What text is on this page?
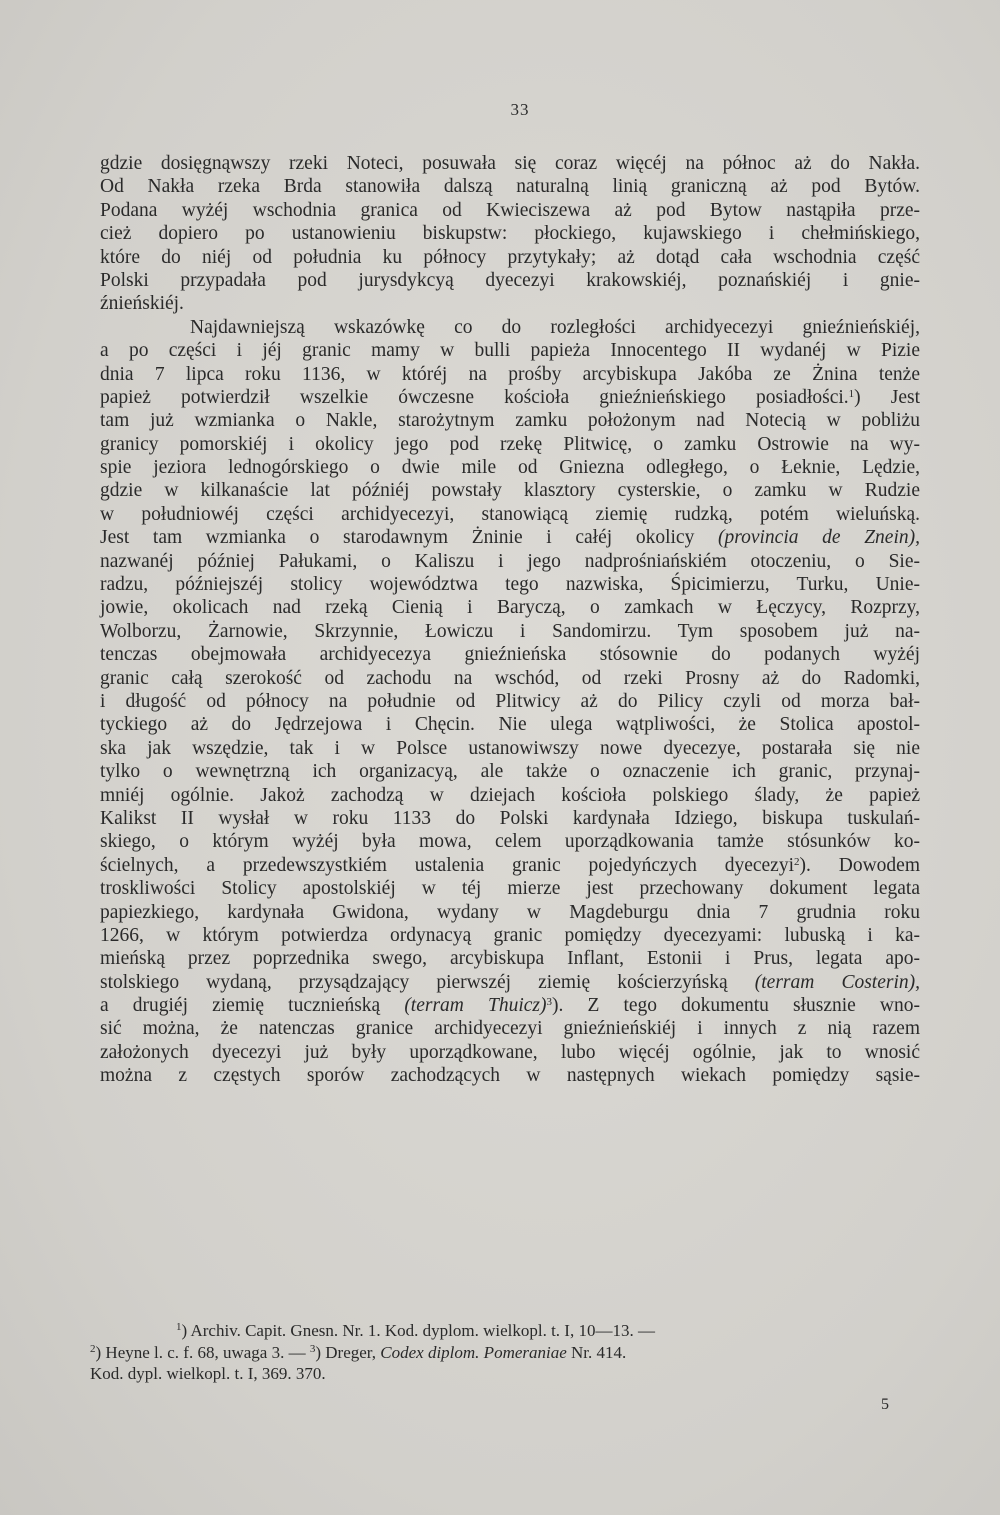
33
gdzie dosięgnąwszy rzeki Noteci, posuwała się coraz więcéj na północ aż do Nakła.
Od Nakła rzeka Brda stanowiła dalszą naturalną linią graniczną aż pod Bytów.
Podana wyżéj wschodnia granica od Kwieciszewa aż pod Bytow nastąpiła prze-
cież dopiero po ustanowieniu biskupstw: płockiego, kujawskiego i chełmińskiego,
które do niéj od południa ku północy przytykały; aż dotąd cała wschodnia część
Polski przypadała pod jurysdykcyą dyecezyi krakowskiéj, poznańskiéj i gnie-
źnieńskiéj.
Najdawniejszą wskazówkę co do rozległości archidyecezyi gnieźnieńskiéj,
a po części i jéj granic mamy w bulli papieża Innocentego II wydanéj w Pizie
dnia 7 lipca roku 1136, w któréj na prośby arcybiskupa Jakóba ze Żnina tenże
papież potwierdził wszelkie ówczesne kościoła gnieźnieńskiego posiadłości.$^1$) Jest
tam już wzmianka o Nakle, starożytnym zamku położonym nad Notecią w pobliżu
granicy pomorskiéj i okolicy jego pod rzekę Plitwicę, o zamku Ostrowie na wy-
spie jeziora lednogórskiego o dwie mile od Gniezna odległego, o Łeknie, Lędzie,
gdzie w kilkanaście lat późniéj powstały klasztory cysterskie, o zamku w Rudzie
w południowéj części archidyecezyi, stanowiącą ziemię rudzką, potém wieluńską.
Jest tam wzmianka o starodawnym Żninie i całéj okolicy (provincia de Znein),
nazwanéj później Pałukami, o Kaliszu i jego nadprośniańskiém otoczeniu, o Sie-
radzu, późniejszéj stolicy województwa tego nazwiska, Śpicimierzu, Turku, Unie-
jowie, okolicach nad rzeką Cienią i Baryczą, o zamkach w Łęczycy, Rozprzy,
Wolborzu, Żarnowie, Skrzynnie, Łowiczu i Sandomirzu. Tym sposobem już na-
tenczas obejmowała archidyecezya gnieźnieńska stósownie do podanych wyżéj
granic całą szerokość od zachodu na wschód, od rzeki Prosny aż do Radomki,
i długość od północy na południe od Plitwicy aż do Pilicy czyli od morza bał-
tyckiego aż do Jędrzejowa i Chęcin. Nie ulega wątpliwości, że Stolica apostol-
ska jak wszędzie, tak i w Polsce ustanowiwszy nowe dyecezye, postarała się nie
tylko o wewnętrzną ich organizacyą, ale także o oznaczenie ich granic, przynaj-
mniéj ogólnie. Jakoż zachodzą w dziejach kościoła polskiego ślady, że papież
Kalikst II wysłał w roku 1133 do Polski kardynała Idziego, biskupa tuskulań-
skiego, o którym wyżéj była mowa, celem uporządkowania tamże stósunków ko-
ścielnych, a przedewszystkiém ustalenia granic pojedyńczych dyecezyi$^2$). Dowodem
troskliwości Stolicy apostolskiéj w téj mierze jest przechowany dokument legata
papiezkiego, kardynała Gwidona, wydany w Magdeburgu dnia 7 grudnia roku
1266, w którym potwierdza ordynacyą granic pomiędzy dyecezyami: lubuską i ka-
mieńską przez poprzednika swego, arcybiskupa Inflant, Estonii i Prus, legata apo-
stolskiego wydaną, przysądzający pierwszéj ziemię kościerzyńską (terram Costerin),
a drugiéj ziemię tucznieńską (terram Thuicz)$^3$). Z tego dokumentu słusznie wno-
sić można, że natenczas granice archidyecezyi gnieźnieńskiéj i innych z nią razem
założonych dyecezyi już były uporządkowane, lubo więcéj ogólnie, jak to wnosić
można z częstych sporów zachodzących w następnych wiekach pomiędzy sąsie-
$^1$) Archiv. Capit. Gnesn. Nr. 1. Kod. dyplom. wielkopl. t. I, 10—13. —
$^2$) Heyne l. c. f. 68, uwaga 3. — $^3$) Dreger, Codex diplom. Pomeraniae Nr. 414.
Kod. dypl. wielkopl. t. I, 369. 370.
5
